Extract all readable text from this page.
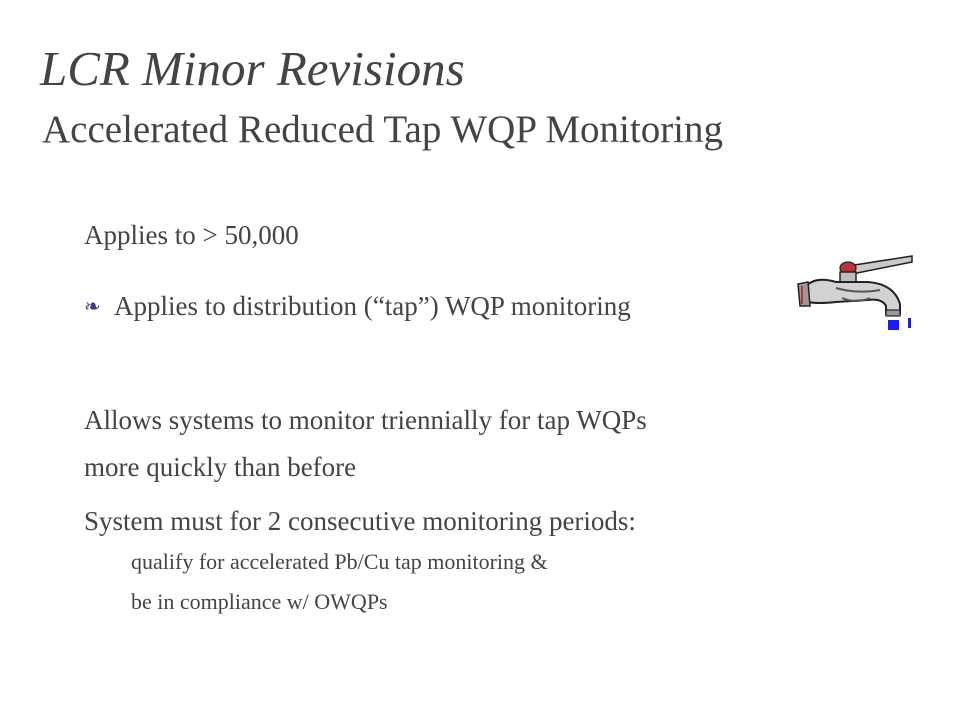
LCR Minor Revisions
Accelerated Reduced Tap WQP Monitoring
Applies to > 50,000
❧ Applies to distribution (“tap”) WQP monitoring
Allows systems to monitor triennially for tap WQPs
more quickly than before
System must for 2 consecutive monitoring periods:
qualify for accelerated Pb/Cu tap monitoring &
be in compliance w/ OWQPs
